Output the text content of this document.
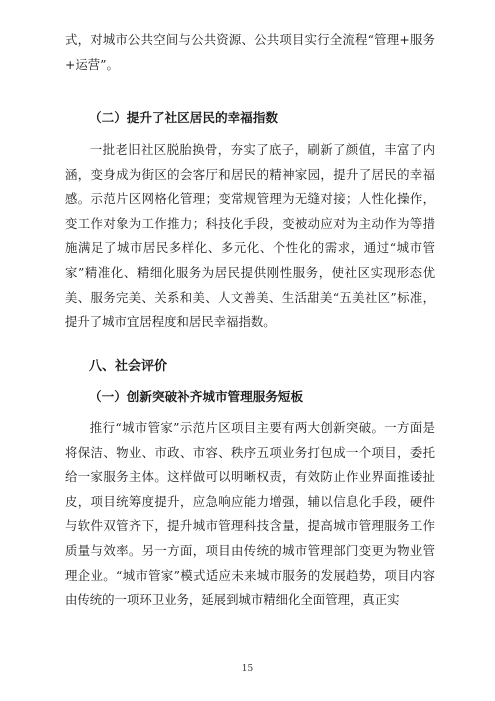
式，对城市公共空间与公共资源、公共项目实行全流程“管理+服务+运营”。

（二）提升了社区居民的幸福指数

一批老旧社区脱胎换骨，夯实了底子，刷新了颜值，丰富了内涵，变身成为街区的会客厅和居民的精神家园，提升了居民的幸福感。示范片区网格化管理；变常规管理为无缝对接；人性化操作，变工作对象为工作推力；科技化手段，变被动应对为主动作为等措施满足了城市居民多样化、多元化、个性化的需求，通过“城市管家”精准化、精细化服务为居民提供刚性服务，使社区实现形态优美、服务完美、关系和美、人文善美、生活甜美“五美社区”标准，提升了城市宜居程度和居民幸福指数。

八、社会评价
（一）创新突破补齐城市管理服务短板

推行“城市管家”示范片区项目主要有两大创新突破。一方面是将保洁、物业、市政、市容、秩序五项业务打包成一个项目，委托给一家服务主体。这样做可以明晰权责，有效防止作业界面推诿扯皮，项目统筹度提升，应急响应能力增强，辅以信息化手段，硬件与软件双管齐下，提升城市管理科技含量，提高城市管理服务工作质量与效率。另一方面，项目由传统的城市管理部门变更为物业管理企业。“城市管家”模式适应未来城市服务的发展趋势，项目内容由传统的一项环卫业务，延展到城市精细化全面管理，真正实

15
